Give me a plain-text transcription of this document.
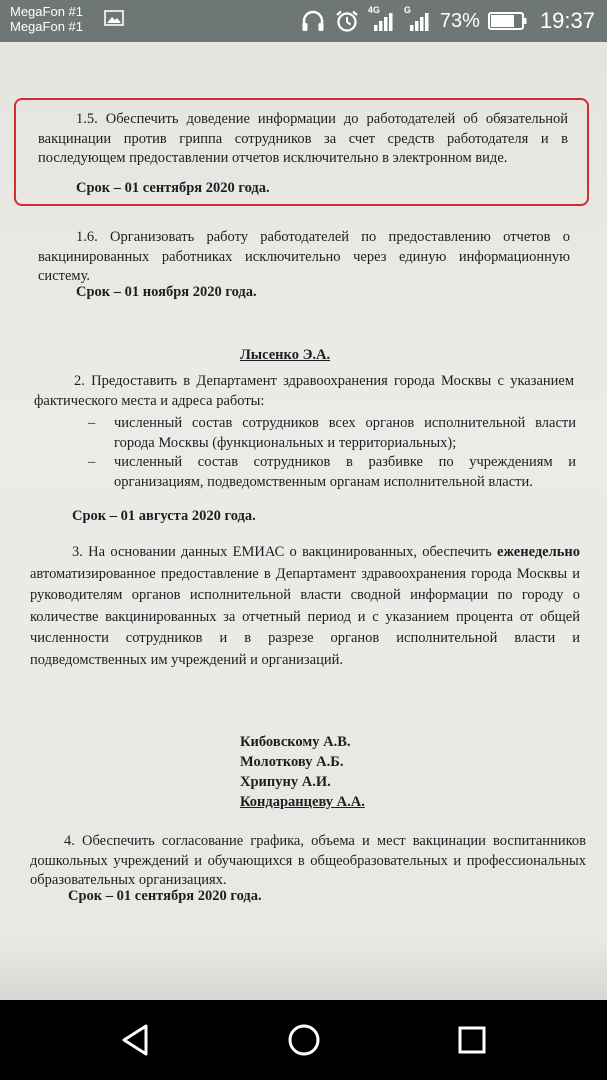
MegaFon #1
MegaFon #1
4G	G 73%	19:37
1.5. Обеспечить доведение информации до работодателей об обязательной вакцинации против гриппа сотрудников за счет средств работодателя и в последующем предоставлении отчетов исключительно в электронном виде.
Срок – 01 сентября 2020 года.
1.6. Организовать работу работодателей по предоставлению отчетов о вакцинированных работниках исключительно через единую информационную систему.
Срок – 01 ноября 2020 года.
Лысенко Э.А.
2. Предоставить в Департамент здравоохранения города Москвы с указанием фактического места и адреса работы:
– численный состав сотрудников всех органов исполнительной власти города Москвы (функциональных и территориальных);
– численный состав сотрудников в разбивке по учреждениям и организациям, подведомственным органам исполнительной власти.
Срок – 01 августа 2020 года.
3. На основании данных ЕМИАС о вакцинированных, обеспечить еженедельно автоматизированное предоставление в Департамент здравоохранения города Москвы и руководителям органов исполнительной власти сводной информации по городу о количестве вакцинированных за отчетный период и с указанием процента от общей численности сотрудников и в разрезе органов исполнительной власти и подведомственных им учреждений и организаций.
Кибовскому А.В.
Молоткову А.Б.
Хрипуну А.И.
Кондаранцеву А.А.
4. Обеспечить согласование графика, объема и мест вакцинации воспитанников дошкольных учреждений и обучающихся в общеобразовательных и профессиональных образовательных организациях.
Срок – 01 сентября 2020 года.
